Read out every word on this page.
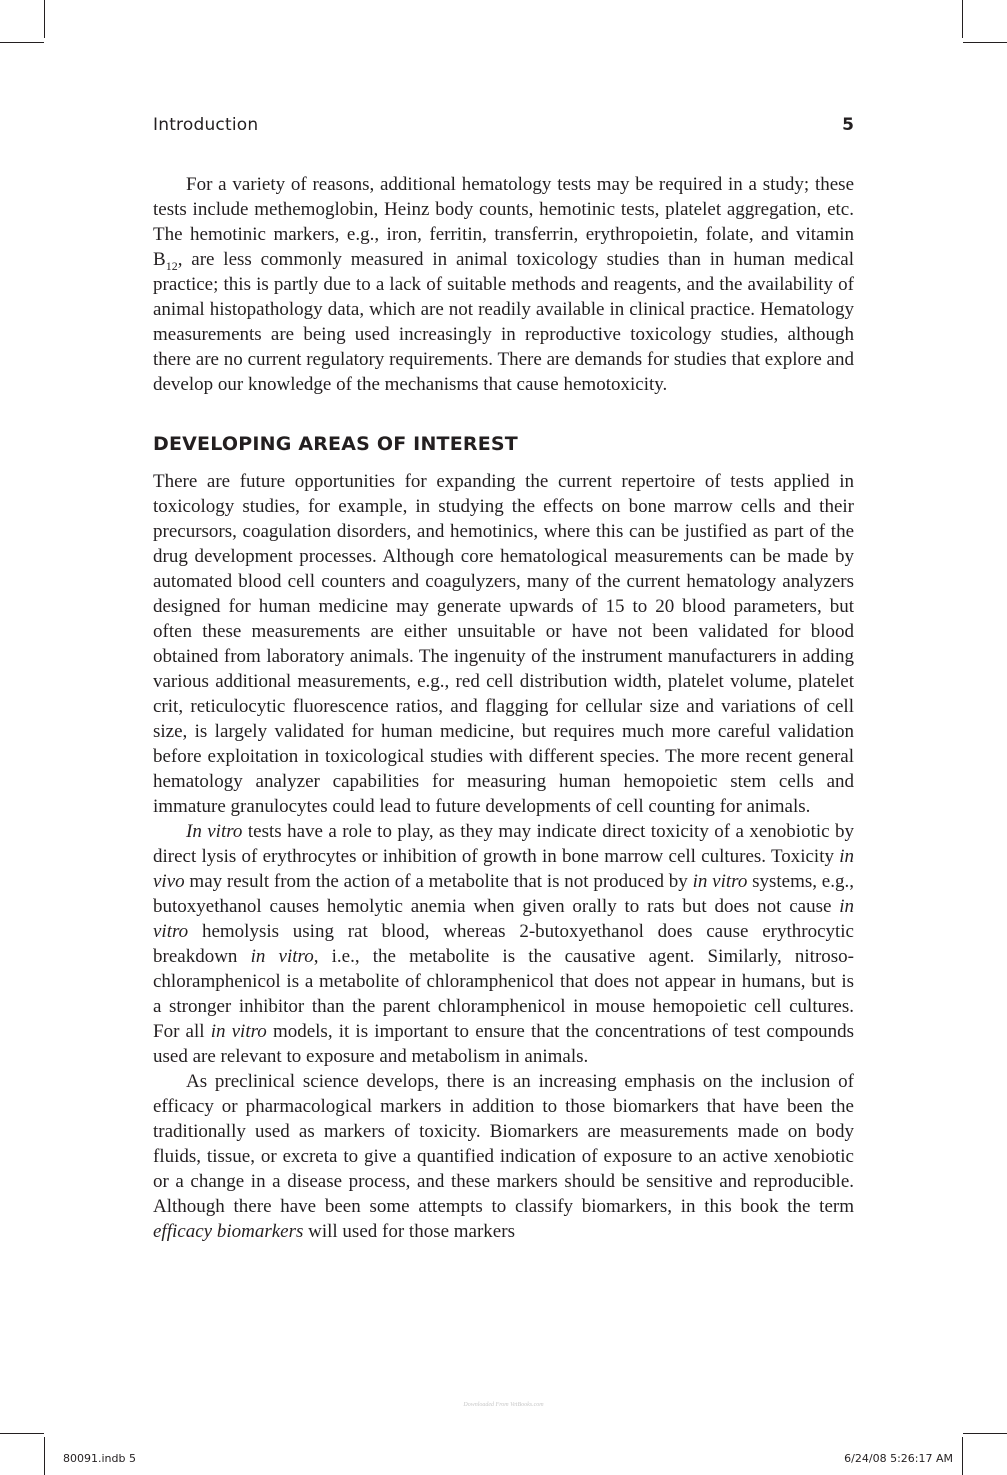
Introduction	5

For a variety of reasons, additional hematology tests may be required in a study; these tests include methemoglobin, Heinz body counts, hemotinic tests, platelet aggregation, etc. The hemotinic markers, e.g., iron, ferritin, transferrin, erythropoietin, folate, and vitamin $B_{12}$, are less commonly measured in animal toxicology studies than in human medical practice; this is partly due to a lack of suitable methods and reagents, and the availability of animal histopathology data, which are not readily available in clinical practice. Hematology measurements are being used increasingly in reproductive toxicology studies, although there are no current regulatory requirements. There are demands for studies that explore and develop our knowledge of the mechanisms that cause hemotoxicity.

DEVELOPING AREAS OF INTEREST

There are future opportunities for expanding the current repertoire of tests applied in toxicology studies, for example, in studying the effects on bone marrow cells and their precursors, coagulation disorders, and hemotinics, where this can be justified as part of the drug development processes. Although core hematological measurements can be made by automated blood cell counters and coagulyzers, many of the current hematology analyzers designed for human medicine may generate upwards of 15 to 20 blood parameters, but often these measurements are either unsuitable or have not been validated for blood obtained from laboratory animals. The ingenuity of the instrument manufacturers in adding various additional measurements, e.g., red cell distribution width, platelet volume, platelet crit, reticulocytic fluorescence ratios, and flagging for cellular size and variations of cell size, is largely validated for human medicine, but requires much more careful validation before exploitation in toxicological studies with different species. The more recent general hematology analyzer capabilities for measuring human hemopoietic stem cells and immature granulocytes could lead to future developments of cell counting for animals.

In vitro tests have a role to play, as they may indicate direct toxicity of a xenobiotic by direct lysis of erythrocytes or inhibition of growth in bone marrow cell cultures. Toxicity in vivo may result from the action of a metabolite that is not produced by in vitro systems, e.g., butoxyethanol causes hemolytic anemia when given orally to rats but does not cause in vitro hemolysis using rat blood, whereas 2-butoxyethanol does cause erythrocytic breakdown in vitro, i.e., the metabolite is the causative agent. Similarly, nitroso-chloramphenicol is a metabolite of chloramphenicol that does not appear in humans, but is a stronger inhibitor than the parent chloramphenicol in mouse hemopoietic cell cultures. For all in vitro models, it is important to ensure that the concentrations of test compounds used are relevant to exposure and metabolism in animals.

As preclinical science develops, there is an increasing emphasis on the inclusion of efficacy or pharmacological markers in addition to those biomarkers that have been the traditionally used as markers of toxicity. Biomarkers are measurements made on body fluids, tissue, or excreta to give a quantified indication of exposure to an active xenobiotic or a change in a disease process, and these markers should be sensitive and reproducible. Although there have been some attempts to classify biomarkers, in this book the term efficacy biomarkers will used for those markers

Downloaded From VetBooks.com
80091.indb 5	6/24/08 5:26:17 AM
